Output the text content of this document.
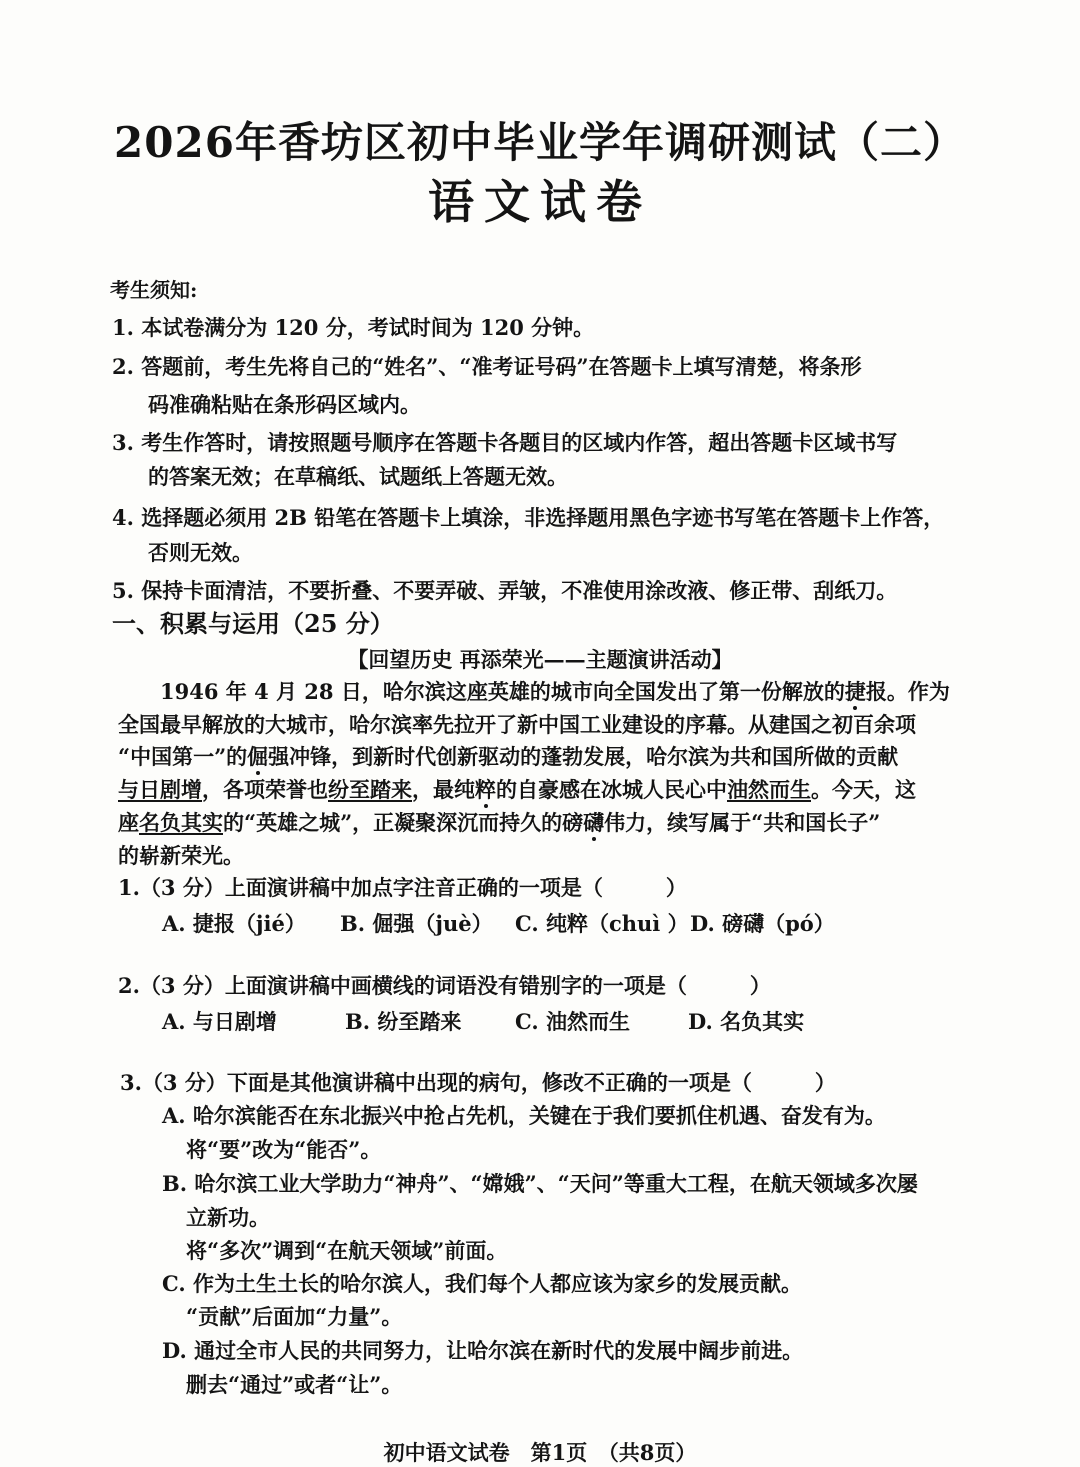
2026年香坊区初中毕业学年调研测试（二）
语文试卷
考生须知:
1. 本试卷满分为 120 分，考试时间为 120 分钟。
2. 答题前，考生先将自己的“姓名”、“准考证号码”在答题卡上填写清楚，将条形
码准确粘贴在条形码区域内。
3. 考生作答时，请按照题号顺序在答题卡各题目的区域内作答，超出答题卡区域书写
的答案无效；在草稿纸、试题纸上答题无效。
4. 选择题必须用 2B 铅笔在答题卡上填涂，非选择题用黑色字迹书写笔在答题卡上作答，
否则无效。
5. 保持卡面清洁，不要折叠、不要弄破、弄皱，不准使用涂改液、修正带、刮纸刀。
一、积累与运用（25 分）
【回望历史 再添荣光——主题演讲活动】
1946 年 4 月 28 日，哈尔滨这座英雄的城市向全国发出了第一份解放的捷报。作为
全国最早解放的大城市，哈尔滨率先拉开了新中国工业建设的序幕。从建国之初百余项
“中国第一”的倔强冲锋，到新时代创新驱动的蓬勃发展，哈尔滨为共和国所做的贡献
与日剧增，各项荣誉也纷至踏来，最纯粹的自豪感在冰城人民心中油然而生。今天，这
座名负其实的“英雄之城”，正凝聚深沉而持久的磅礴伟力，续写属于“共和国长子”
的崭新荣光。
1.（3 分）上面演讲稿中加点字注音正确的一项是（　　　）
A. 捷报（jié） B. 倔强（juè） C. 纯粹（chuì ） D. 磅礴（pó）
2.（3 分）上面演讲稿中画横线的词语没有错别字的一项是（　　　）
A. 与日剧增	B. 纷至踏来	C. 油然而生	D. 名负其实
3.（3 分）下面是其他演讲稿中出现的病句，修改不正确的一项是（　　　）
A. 哈尔滨能否在东北振兴中抢占先机，关键在于我们要抓住机遇、奋发有为。
将“要”改为“能否”。
B. 哈尔滨工业大学助力“神舟”、“嫦娥”、“天问”等重大工程，在航天领域多次屡
立新功。
将“多次”调到“在航天领域”前面。
C. 作为土生土长的哈尔滨人，我们每个人都应该为家乡的发展贡献。
“贡献”后面加“力量”。
D. 通过全市人民的共同努力，让哈尔滨在新时代的发展中阔步前进。
删去“通过”或者“让”。
初中语文试卷　第1页　（共8页）
